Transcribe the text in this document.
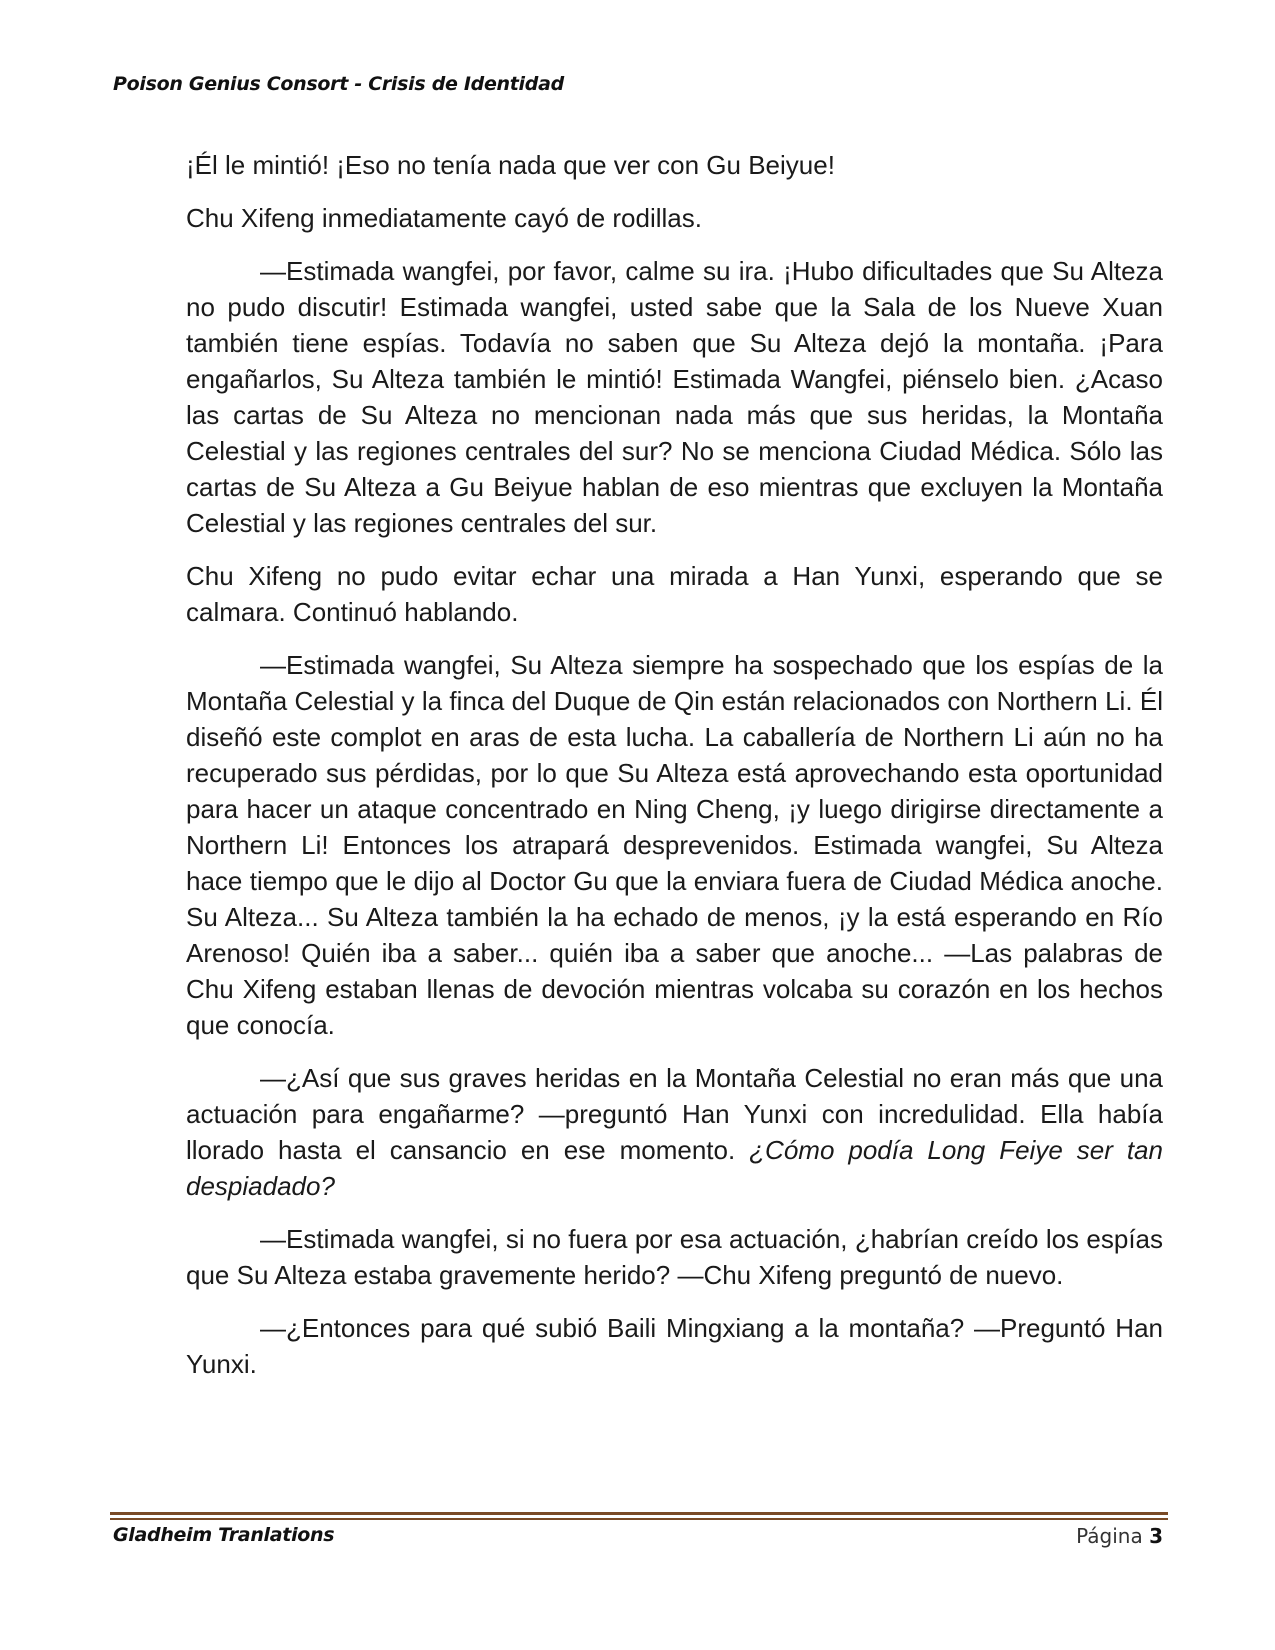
Poison Genius Consort - Crisis de Identidad

¡Él le mintió! ¡Eso no tenía nada que ver con Gu Beiyue!

Chu Xifeng inmediatamente cayó de rodillas.

—Estimada wangfei, por favor, calme su ira. ¡Hubo dificultades que Su Alteza no pudo discutir! Estimada wangfei, usted sabe que la Sala de los Nueve Xuan también tiene espías. Todavía no saben que Su Alteza dejó la montaña. ¡Para engañarlos, Su Alteza también le mintió! Estimada Wangfei, piénselo bien. ¿Acaso las cartas de Su Alteza no mencionan nada más que sus heridas, la Montaña Celestial y las regiones centrales del sur? No se menciona Ciudad Médica. Sólo las cartas de Su Alteza a Gu Beiyue hablan de eso mientras que excluyen la Montaña Celestial y las regiones centrales del sur.

Chu Xifeng no pudo evitar echar una mirada a Han Yunxi, esperando que se calmara. Continuó hablando.

—Estimada wangfei, Su Alteza siempre ha sospechado que los espías de la Montaña Celestial y la finca del Duque de Qin están relacionados con Northern Li. Él diseñó este complot en aras de esta lucha. La caballería de Northern Li aún no ha recuperado sus pérdidas, por lo que Su Alteza está aprovechando esta oportunidad para hacer un ataque concentrado en Ning Cheng, ¡y luego dirigirse directamente a Northern Li! Entonces los atrapará desprevenidos. Estimada wangfei, Su Alteza hace tiempo que le dijo al Doctor Gu que la enviara fuera de Ciudad Médica anoche. Su Alteza... Su Alteza también la ha echado de menos, ¡y la está esperando en Río Arenoso! Quién iba a saber... quién iba a saber que anoche... —Las palabras de Chu Xifeng estaban llenas de devoción mientras volcaba su corazón en los hechos que conocía.

—¿Así que sus graves heridas en la Montaña Celestial no eran más que una actuación para engañarme? —preguntó Han Yunxi con incredulidad. Ella había llorado hasta el cansancio en ese momento. ¿Cómo podía Long Feiye ser tan despiadado?

—Estimada wangfei, si no fuera por esa actuación, ¿habrían creído los espías que Su Alteza estaba gravemente herido? —Chu Xifeng preguntó de nuevo.

—¿Entonces para qué subió Baili Mingxiang a la montaña? —Preguntó Han Yunxi.

Gladheim Tranlations	Página 3
